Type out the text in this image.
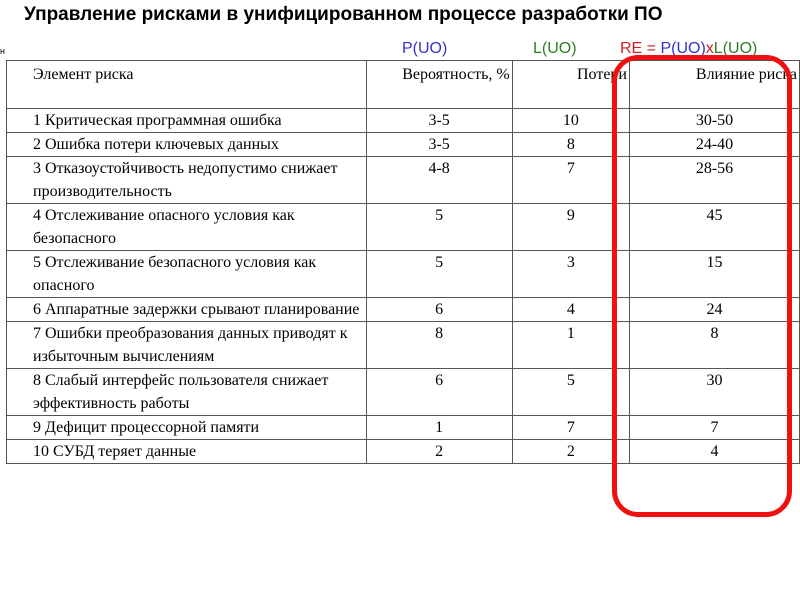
Управление рисками в унифицированном процессе разработки ПО
н	P(UO)	L(UO)	RE = P(UO)xL(UO)
Элемент риска	Вероятность, %	Потери	Влияние риска
1 Критическая программная ошибка	3-5	10	30-50
2 Ошибка потери ключевых данных	3-5	8	24-40
3 Отказоустойчивость недопустимо снижает производительность	4-8	7	28-56
4 Отслеживание опасного условия как безопасного	5	9	45
5 Отслеживание безопасного условия как опасного	5	3	15
6 Аппаратные задержки срывают планирование	6	4	24
7 Ошибки преобразования данных приводят к избыточным вычислениям	8	1	8
8 Слабый интерфейс пользователя снижает эффективность работы	6	5	30
9 Дефицит процессорной памяти	1	7	7
10 СУБД теряет данные	2	2	4
